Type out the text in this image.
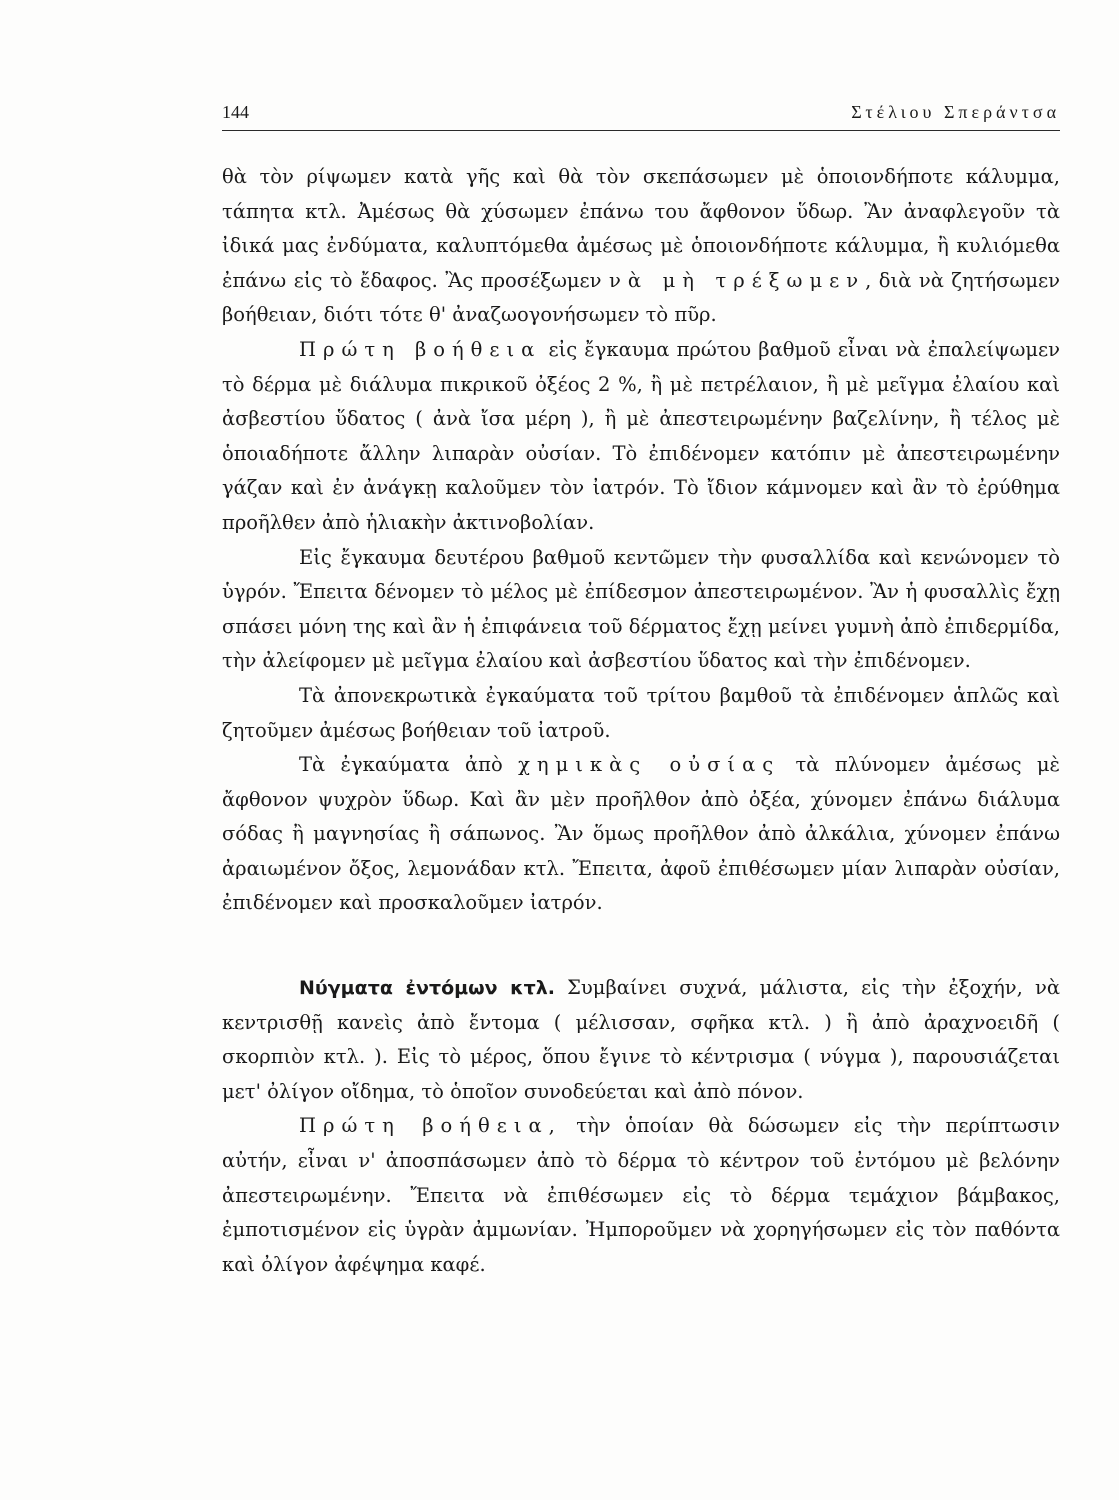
144	Στέλιου Σπεράντσα

θὰ τὸν ρίψωμεν κατὰ γῆς καὶ θὰ τὸν σκεπάσωμεν μὲ ὁποιονδήποτε κάλυμμα, τάπητα κτλ. Ἀμέσως θὰ χύσωμεν ἐπάνω του ἄφθονον ὕδωρ. Ἂν ἀναφλεγοῦν τὰ ἰδικά μας ἐνδύματα, καλυπτόμεθα ἀμέσως μὲ ὁποιονδήποτε κάλυμμα, ἢ κυλιόμεθα ἐπάνω εἰς τὸ ἔδαφος. Ἂς προσέξωμεν νὰ μὴ τρέξωμεν, διὰ νὰ ζητήσωμεν βοήθειαν, διότι τότε θ' ἀναζωογονήσωμεν τὸ πῦρ.

Πρώτη βοήθεια εἰς ἔγκαυμα πρώτου βαθμοῦ εἶναι νὰ ἐπαλείψωμεν τὸ δέρμα μὲ διάλυμα πικρικοῦ ὀξέος 2 %, ἢ μὲ πετρέλαιον, ἢ μὲ μεῖγμα ἐλαίου καὶ ἀσβεστίου ὕδατος ( ἀνὰ ἴσα μέρη ), ἢ μὲ ἀπεστειρωμένην βαζελίνην, ἢ τέλος μὲ ὁποιαδήποτε ἄλλην λιπαρὰν οὐσίαν. Τὸ ἐπιδένομεν κατόπιν μὲ ἀπεστειρωμένην γάζαν καὶ ἐν ἀνάγκῃ καλοῦμεν τὸν ἰατρόν. Τὸ ἴδιον κάμνομεν καὶ ἂν τὸ ἐρύθημα προῆλθεν ἀπὸ ἡλιακὴν ἀκτινοβολίαν.

Εἰς ἔγκαυμα δευτέρου βαθμοῦ κεντῶμεν τὴν φυσαλλίδα καὶ κενώνομεν τὸ ὑγρόν. Ἔπειτα δένομεν τὸ μέλος μὲ ἐπίδεσμον ἀπεστειρωμένον. Ἂν ἡ φυσαλλὶς ἔχῃ σπάσει μόνη της καὶ ἂν ἡ ἐπιφάνεια τοῦ δέρματος ἔχῃ μείνει γυμνὴ ἀπὸ ἐπιδερμίδα, τὴν ἀλείφομεν μὲ μεῖγμα ἐλαίου καὶ ἀσβεστίου ὕδατος καὶ τὴν ἐπιδένομεν.

Τὰ ἀπονεκρωτικὰ ἐγκαύματα τοῦ τρίτου βαμθοῦ τὰ ἐπιδένομεν ἁπλῶς καὶ ζητοῦμεν ἀμέσως βοήθειαν τοῦ ἰατροῦ.

Τὰ ἐγκαύματα ἀπὸ χημικὰς οὐσίας τὰ πλύνομεν ἀμέσως μὲ ἄφθονον ψυχρὸν ὕδωρ. Καὶ ἂν μὲν προῆλθον ἀπὸ ὀξέα, χύνομεν ἐπάνω διάλυμα σόδας ἢ μαγνησίας ἢ σάπωνος. Ἂν ὅμως προῆλθον ἀπὸ ἀλκάλια, χύνομεν ἐπάνω ἀραιωμένον ὄξος, λεμονάδαν κτλ. Ἔπειτα, ἀφοῦ ἐπιθέσωμεν μίαν λιπαρὰν οὐσίαν, ἐπιδένομεν καὶ προσκαλοῦμεν ἰατρόν.

Νύγματα ἐντόμων κτλ. Συμβαίνει συχνά, μάλιστα, εἰς τὴν ἐξοχήν, νὰ κεντρισθῇ κανεὶς ἀπὸ ἔντομα ( μέλισσαν, σφῆκα κτλ. ) ἢ ἀπὸ ἀραχνοειδῆ ( σκορπιὸν κτλ. ). Εἰς τὸ μέρος, ὅπου ἔγινε τὸ κέντρισμα ( νύγμα ), παρουσιάζεται μετ' ὀλίγον οἴδημα, τὸ ὁποῖον συνοδεύεται καὶ ἀπὸ πόνον.

Πρώτη βοήθεια, τὴν ὁποίαν θὰ δώσωμεν εἰς τὴν περίπτωσιν αὐτήν, εἶναι ν' ἀποσπάσωμεν ἀπὸ τὸ δέρμα τὸ κέντρον τοῦ ἐντόμου μὲ βελόνην ἀπεστειρωμένην. Ἔπειτα νὰ ἐπιθέσωμεν εἰς τὸ δέρμα τεμάχιον βάμβακος, ἐμποτισμένον εἰς ὑγρὰν ἀμμωνίαν. Ἠμποροῦμεν νὰ χορηγήσωμεν εἰς τὸν παθόντα καὶ ὀλίγον ἀφέψημα καφέ.
